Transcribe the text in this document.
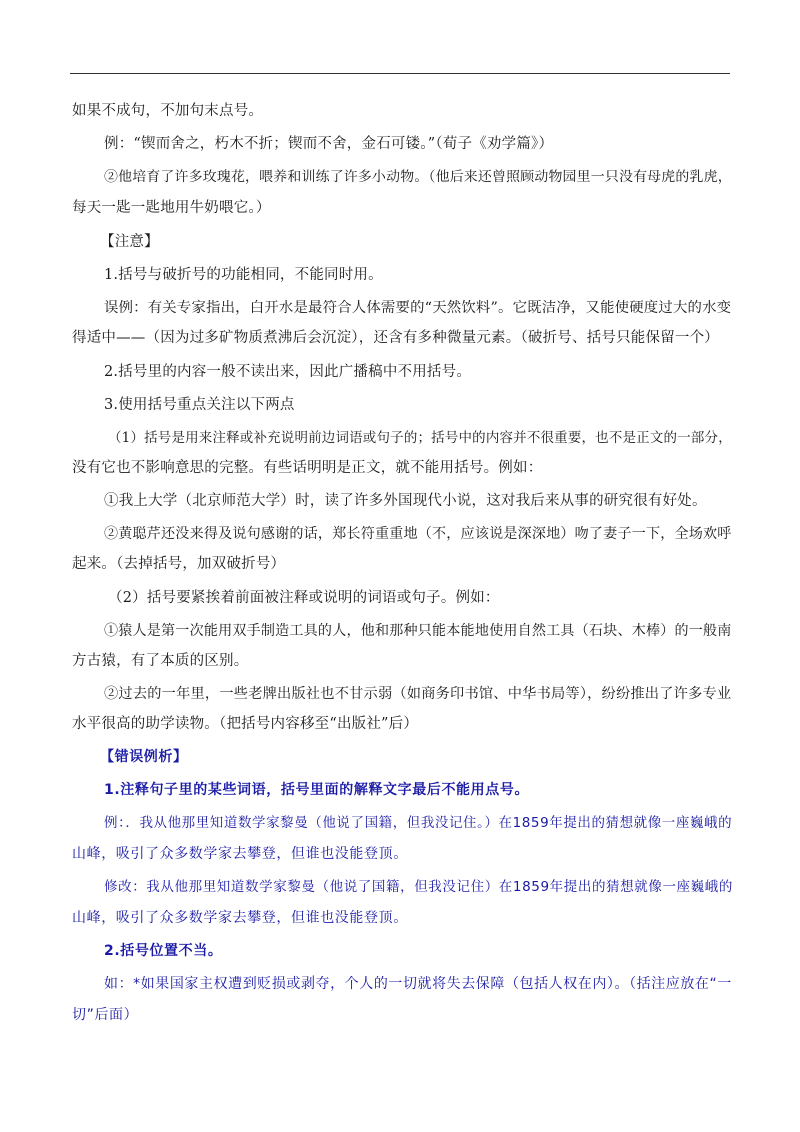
如果不成句，不加句末点号。
例：“锲而舍之，朽木不折；锲而不舍，金石可镂。”（荀子《劝学篇》）
②他培育了许多玫瑰花，喂养和训练了许多小动物。（他后来还曾照顾动物园里一只没有母虎的乳虎，
每天一匙一匙地用牛奶喂它。）
【注意】
1.括号与破折号的功能相同，不能同时用。
误例：有关专家指出，白开水是最符合人体需要的“天然饮料”。它既洁净，又能使硬度过大的水变
得适中——（因为过多矿物质煮沸后会沉淀），还含有多种微量元素。（破折号、括号只能保留一个）
2.括号里的内容一般不读出来，因此广播稿中不用括号。
3.使用括号重点关注以下两点
（1）括号是用来注释或补充说明前边词语或句子的；括号中的内容并不很重要，也不是正文的一部分，
没有它也不影响意思的完整。有些话明明是正文，就不能用括号。例如：
①我上大学（北京师范大学）时，读了许多外国现代小说，这对我后来从事的研究很有好处。
②黄聪芹还没来得及说句感谢的话，郑长符重重地（不，应该说是深深地）吻了妻子一下，全场欢呼
起来。（去掉括号，加双破折号）
（2）括号要紧挨着前面被注释或说明的词语或句子。例如：
①猿人是第一次能用双手制造工具的人，他和那种只能本能地使用自然工具（石块、木棒）的一般南
方古猿，有了本质的区别。
②过去的一年里，一些老牌出版社也不甘示弱（如商务印书馆、中华书局等），纷纷推出了许多专业
水平很高的助学读物。（把括号内容移至“出版社”后）
【错误例析】
1.注释句子里的某些词语，括号里面的解释文字最后不能用点号。
例：．我从他那里知道数学家黎曼（他说了国籍，但我没记住。）在1859年提出的猜想就像一座巍峨的
山峰，吸引了众多数学家去攀登，但谁也没能登顶。
修改：我从他那里知道数学家黎曼（他说了国籍，但我没记住）在1859年提出的猜想就像一座巍峨的
山峰，吸引了众多数学家去攀登，但谁也没能登顶。
2.括号位置不当。
如：*如果国家主权遭到贬损或剥夺，个人的一切就将失去保障（包括人权在内）。（括注应放在“一
切”后面）
